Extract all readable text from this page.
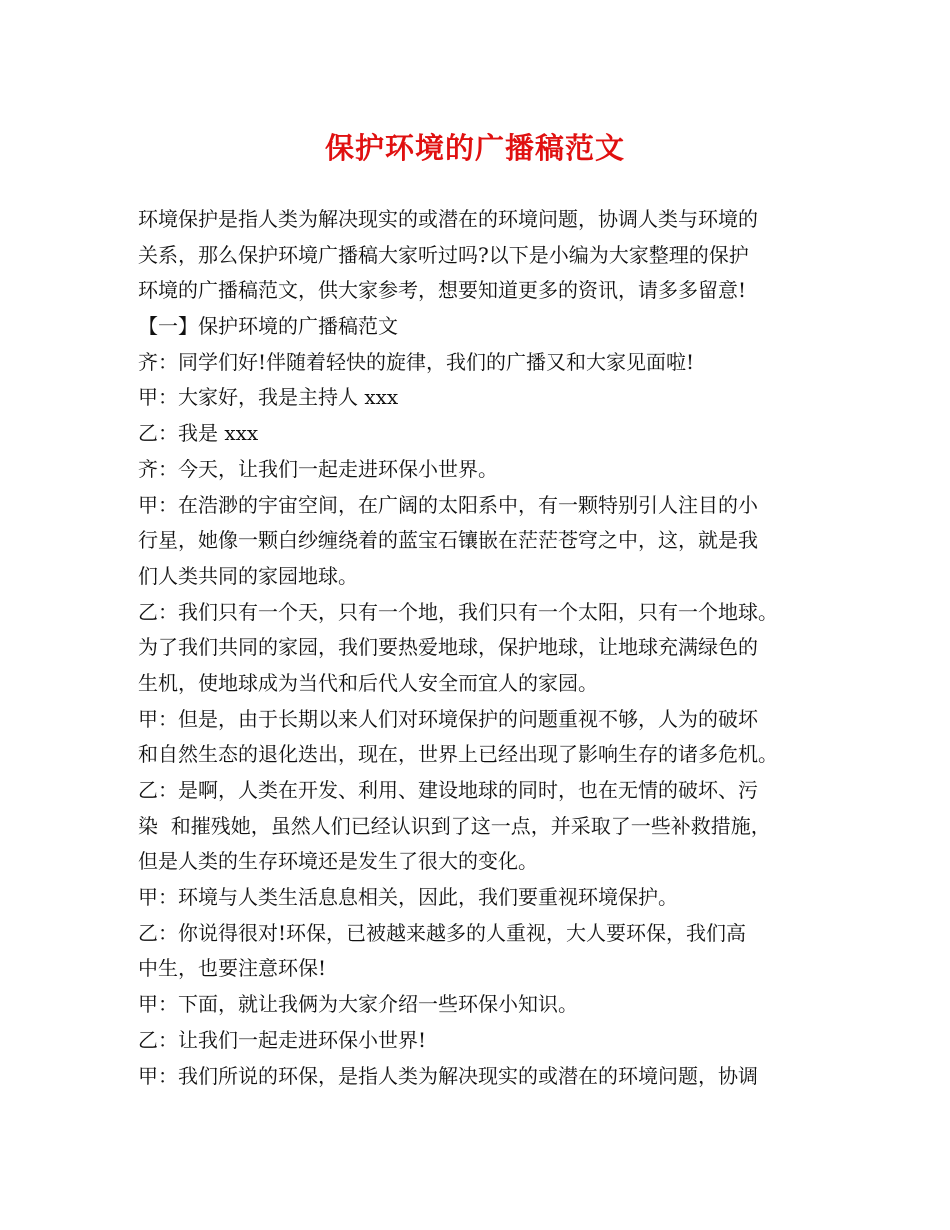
保护环境的广播稿范文
环境保护是指人类为解决现实的或潜在的环境问题，协调人类与环境的
关系，那么保护环境广播稿大家听过吗?以下是小编为大家整理的保护
环境的广播稿范文，供大家参考，想要知道更多的资讯，请多多留意!
【一】保护环境的广播稿范文
齐：同学们好!伴随着轻快的旋律，我们的广播又和大家见面啦!
甲：大家好，我是主持人 xxx
乙：我是 xxx
齐：今天，让我们一起走进环保小世界。
甲：在浩渺的宇宙空间，在广阔的太阳系中，有一颗特别引人注目的小
行星，她像一颗白纱缠绕着的蓝宝石镶嵌在茫茫苍穹之中，这，就是我
们人类共同的家园地球。
乙：我们只有一个天，只有一个地，我们只有一个太阳，只有一个地球。
为了我们共同的家园，我们要热爱地球，保护地球，让地球充满绿色的
生机，使地球成为当代和后代人安全而宜人的家园。
甲：但是，由于长期以来人们对环境保护的问题重视不够，人为的破坏
和自然生态的退化迭出，现在，世界上已经出现了影响生存的诸多危机。
乙：是啊，人类在开发、利用、建设地球的同时，也在无情的破坏、污
染  和摧残她，虽然人们已经认识到了这一点，并采取了一些补救措施，
但是人类的生存环境还是发生了很大的变化。
甲：环境与人类生活息息相关，因此，我们要重视环境保护。
乙：你说得很对!环保，已被越来越多的人重视，大人要环保，我们高
中生，也要注意环保!
甲：下面，就让我俩为大家介绍一些环保小知识。
乙：让我们一起走进环保小世界!
甲：我们所说的环保，是指人类为解决现实的或潜在的环境问题，协调
